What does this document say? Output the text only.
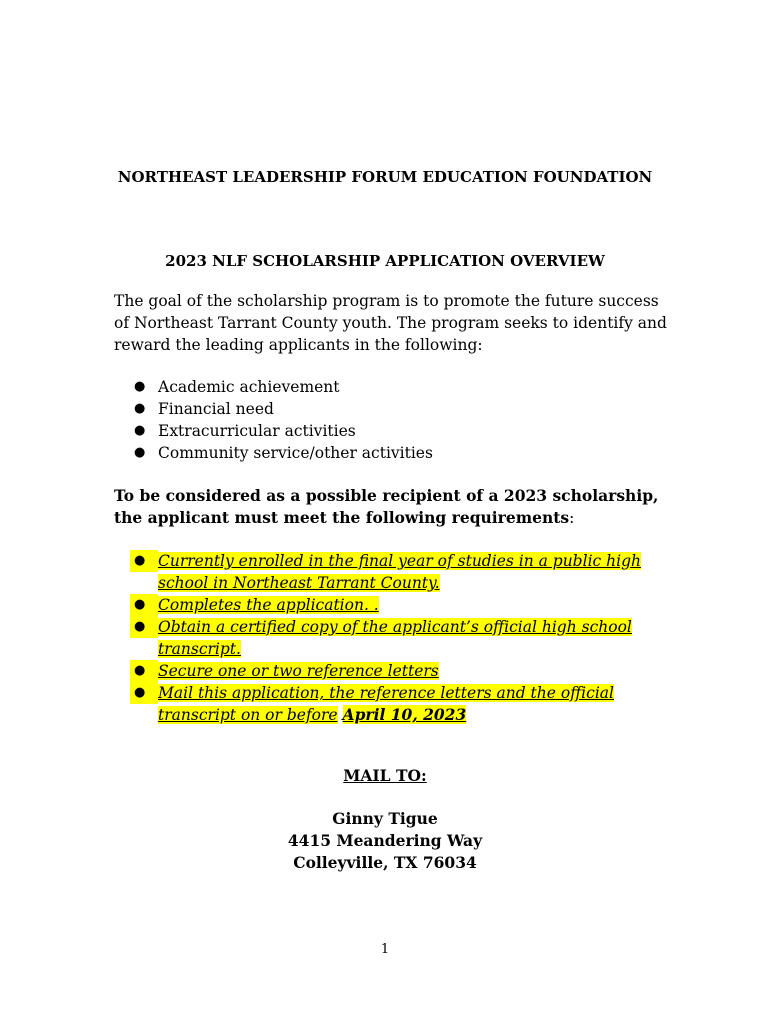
NORTHEAST LEADERSHIP FORUM EDUCATION FOUNDATION
2023 NLF SCHOLARSHIP APPLICATION OVERVIEW
The goal of the scholarship program is to promote the future success of Northeast Tarrant County youth. The program seeks to identify and reward the leading applicants in the following:
● Academic achievement
● Financial need
● Extracurricular activities
● Community service/other activities
To be considered as a possible recipient of a 2023 scholarship, the applicant must meet the following requirements:
● Currently enrolled in the final year of studies in a public high school in Northeast Tarrant County.
● Completes the application. .
● Obtain a certified copy of the applicant’s official high school transcript.
● Secure one or two reference letters
● Mail this application, the reference letters and the official transcript on or before April 10, 2023
MAIL TO:
Ginny Tigue
4415 Meandering Way
Colleyville, TX 76034
1
